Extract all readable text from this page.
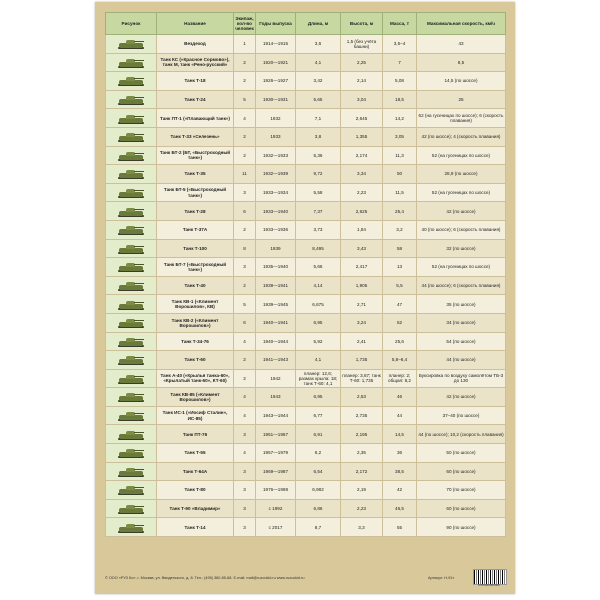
Рисунок	Название	Экипаж, кол-во человек	Годы выпуска	Длина, м	Высота, м	Масса, т	Максимальная скорость, км/ч

	Вездеход	1	1914—1915	3,6	1,5 (без учёта башни)	3,5–4	43

	Танк КС («Красное Сормово»), танк М, танк «Рено-русский»	2	1920—1921	4,1	2,25	7	8,5

	Танк Т-18	2	1926—1927	3,42	2,14	5,08	14,5 (по шоссе)

	Танк Т-24	5	1930—1931	5,65	3,04	18,5	25

	Танк ПТ-1 («Плавающий танк»)	4	1932	7,1	2,645	14,2	62 (на гусеницах по шоссе); 6 (скорость плавания)

	Танк Т-33 «Селезень»	2	1933	3,8	1,355	3,05	42 (по шоссе); 4 (скорость плавания)

	Танк БТ-2 (БТ, «Быстроходный танк»)	2	1932—1933	5,36	2,174	11,3	52 (на гусеницах по шоссе)

	Танк Т-35	11	1932—1939	9,72	3,34	50	28,9 (по шоссе)

	Танк БТ-5 («Быстроходный танк»)	3	1933—1934	5,58	2,23	11,5	52 (на гусеницах по шоссе)

	Танк Т-28	6	1933—1940	7,37	2,625	25,4	42 (по шоссе)

	Танк Т-37А	2	1933—1936	3,73	1,84	3,2	40 (по шоссе); 6 (скорость плавания)

	Танк Т-100	8	1939	8,495	3,43	58	32 (по шоссе)

	Танк БТ-7 («Быстроходный танк»)	3	1935—1940	5,66	2,417	13	52 (на гусеницах по шоссе)

	Танк Т-40	2	1939—1941	4,14	1,905	5,5	44 (по шоссе); 6 (скорость плавания)

	Танк КВ-1 («Климент Ворошилов», КВ)	5	1939—1945	6,675	2,71	47	35 (по шоссе)

	Танк КВ-2 («Климент Ворошилов»)	6	1940—1941	6,95	3,24	52	34 (по шоссе)

	Танк Т-34-76	4	1940—1944	5,92	2,41	25,6	54 (по шоссе)

	Танк Т-60	2	1941—1943	4,1	1,735	5,8–6,4	44 (по шоссе)

	Танк А-40 («Крылья танка-60», «Крылатый танк-60», КТ-60)	2	1942	планер: 12,6; размах крыла: 18; танк Т-60: 4,1	планер: 3,67; танк Т-60: 1,735	планер: 2; общая: 8,2	Буксировка по воздуху самолётом ТБ-3 до 130

	Танк КВ-85 («Климент Ворошилов»)	4	1943	6,95	2,53	46	42 (по шоссе)

	Танк ИС-1 («Иосиф Сталин», ИС-85)	4	1943—1944	6,77	2,735	44	37–40 (по шоссе)

	Танк ПТ-76	3	1951—1967	6,91	2,195	14,5	44 (по шоссе); 10,2 (скорость плавания)

	Танк Т-55	4	1957—1979	6,2	2,35	36	50 (по шоссе)

	Танк Т-64А	3	1969—1987	6,54	2,172	38,5	60 (по шоссе)

	Танк Т-80	3	1976—1998	6,982	2,19	42	70 (по шоссе)

	Танк Т-90 «Владимир»	3	с 1992	6,86	2,23	46,5	60 (по шоссе)

	Танк Т-14	3	с 2017	8,7	3,3	55	90 (по шоссе)
© ООО «РУЗ Ко», г. Москва, ул. Ввиденского, д. 8. Тел.: (495) 380-85-68. E-mail: mail@ruzcokid.ru www.ruzcokid.ru	Артикул: Н-91т
9785000000000
